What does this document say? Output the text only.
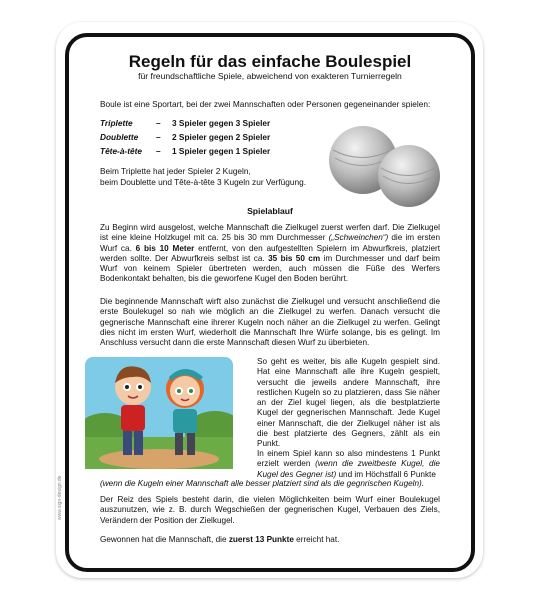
www.sign-design.de
Regeln für das einfache Boulespiel
für freundschaftliche Spiele, abweichend von exakteren Turnierregeln
Boule ist eine Sportart, bei der zwei Mannschaften oder Personen gegeneinander spielen:
Triplette	–	3 Spieler gegen 3 Spieler
Doublette	–	2 Spieler gegen 2 Spieler
Tête-à-tête	–	1 Spieler gegen 1 Spieler
Beim Triplette hat jeder Spieler 2 Kugeln,
beim Doublette und Tête-à-tête 3 Kugeln zur Verfügung.
Spielablauf
Zu Beginn wird ausgelost, welche Mannschaft die Zielkugel zuerst werfen darf. Die Zielkugel ist eine kleine Holzkugel mit ca. 25 bis 30 mm Durchmesser („Schweinchen“) die im ersten Wurf ca. 6 bis 10 Meter entfernt, von den aufgestellten Spielern im Abwurfkreis, platziert werden sollte. Der Abwurfkreis selbst ist ca. 35 bis 50 cm im Durchmesser und darf beim Wurf von keinem Spieler übertreten werden, auch müssen die Füße des Werfers Bodenkontakt behalten, bis die geworfene Kugel den Boden berührt.
Die beginnende Mannschaft wirft also zunächst die Zielkugel und versucht anschließend die erste Boulekugel so nah wie möglich an die Zielkugel zu werfen. Danach versucht die gegnerische Mannschaft eine ihrerer Kugeln noch näher an die Zielkugel zu werfen. Gelingt dies nicht im ersten Wurf, wiederholt die Mannschaft Ihre Würfe solange, bis es gelingt. Im Anschluss versucht dann die erste Mannschaft diesen Wurf zu überbieten.
So geht es weiter, bis alle Kugeln gespielt sind. Hat eine Mannschaft alle ihre Kugeln gespielt, versucht die jeweils andere Mannschaft, ihre restlichen Kugeln so zu platzieren, dass Sie näher an der Ziel kugel liegen, als die bestplatzierte Kugel der gegnerischen Mannschaft. Jede Kugel einer Mannschaft, die der Zielkugel näher ist als die best platzierte des Gegners, zählt als ein Punkt.
In einem Spiel kann so also mindestens 1 Punkt erzielt werden (wenn die zweitbeste Kugel, die Kugel des Gegner ist) und im Höchstfall 6 Punkte
(wenn die Kugeln einer Mannschaft alle besser platziert sind als die gegnrischen Kugeln).
Der Reiz des Spiels besteht darin, die vielen Möglichkeiten beim Wurf einer Boulekugel auszunutzen, wie z. B. durch Wegschießen der gegnerischen Kugel, Verbauen des Ziels, Verändern der Position der Zielkugel.
Gewonnen hat die Mannschaft, die zuerst 13 Punkte erreicht hat.
